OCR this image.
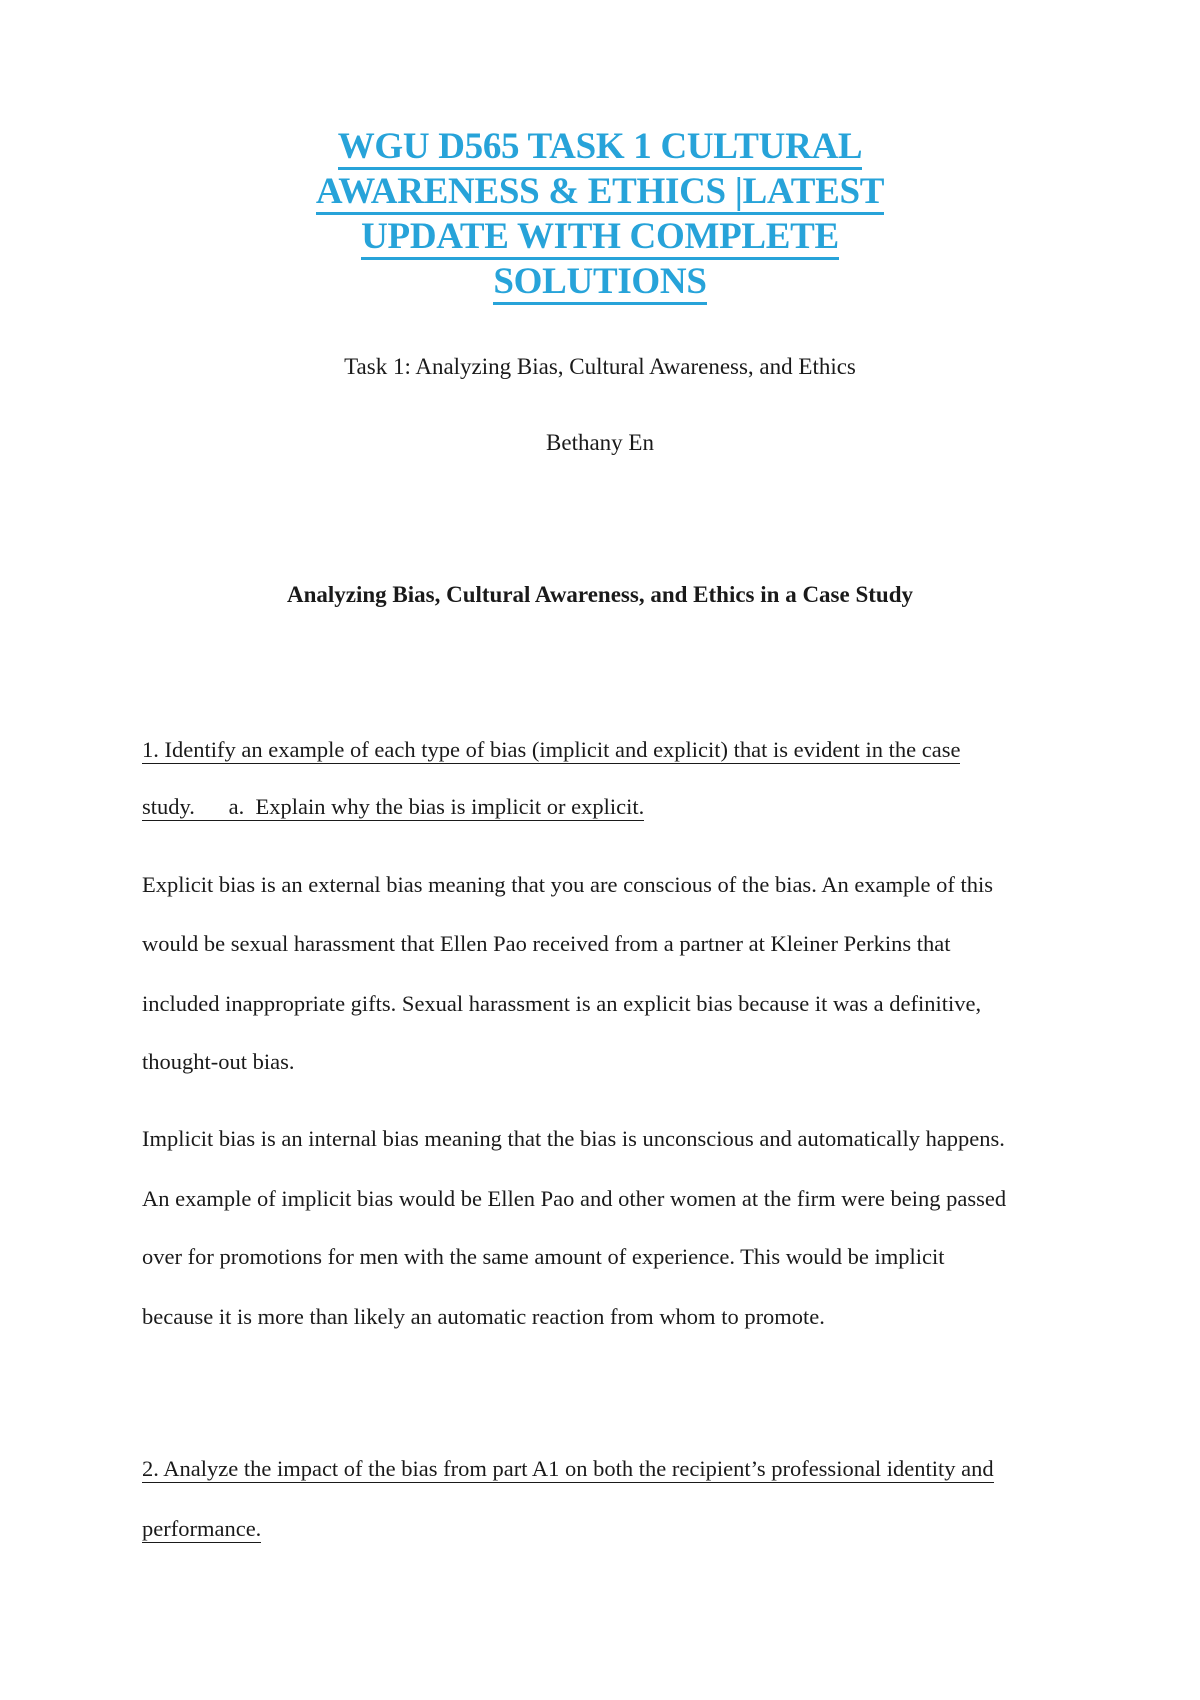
WGU D565 TASK 1 CULTURAL
AWARENESS & ETHICS |LATEST
UPDATE WITH COMPLETE
SOLUTIONS
Task 1: Analyzing Bias, Cultural Awareness, and Ethics
Bethany En
Analyzing Bias, Cultural Awareness, and Ethics in a Case Study
1. Identify an example of each type of bias (implicit and explicit) that is evident in the case
study.      a.  Explain why the bias is implicit or explicit.
Explicit bias is an external bias meaning that you are conscious of the bias. An example of this
would be sexual harassment that Ellen Pao received from a partner at Kleiner Perkins that
included inappropriate gifts. Sexual harassment is an explicit bias because it was a definitive,
thought-out bias.
Implicit bias is an internal bias meaning that the bias is unconscious and automatically happens.
An example of implicit bias would be Ellen Pao and other women at the firm were being passed
over for promotions for men with the same amount of experience. This would be implicit
because it is more than likely an automatic reaction from whom to promote.
2. Analyze the impact of the bias from part A1 on both the recipient’s professional identity and
performance.
